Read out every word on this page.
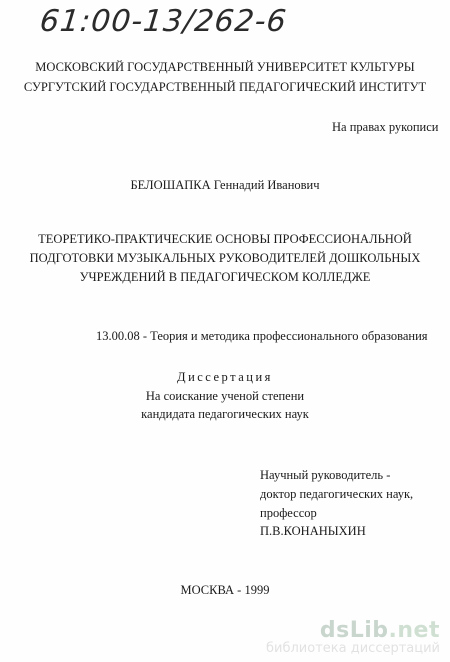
61:00-13/262-6
МОСКОВСКИЙ ГОСУДАРСТВЕННЫЙ УНИВЕРСИТЕТ КУЛЬТУРЫ
СУРГУТСКИЙ ГОСУДАРСТВЕННЫЙ ПЕДАГОГИЧЕСКИЙ ИНСТИТУТ
На правах рукописи
БЕЛОШАПКА Геннадий Иванович
ТЕОРЕТИКО-ПРАКТИЧЕСКИЕ ОСНОВЫ ПРОФЕССИОНАЛЬНОЙ
ПОДГОТОВКИ МУЗЫКАЛЬНЫХ РУКОВОДИТЕЛЕЙ ДОШКОЛЬНЫХ
УЧРЕЖДЕНИЙ В ПЕДАГОГИЧЕСКОМ КОЛЛЕДЖЕ
13.00.08 - Теория и методика профессионального образования
Диссертация
На соискание ученой степени
кандидата педагогических наук
Научный руководитель -
доктор педагогических наук,
профессор
П.В.КОНАНЫХИН
МОСКВА - 1999
dsLib.net
библиотека диссертаций
